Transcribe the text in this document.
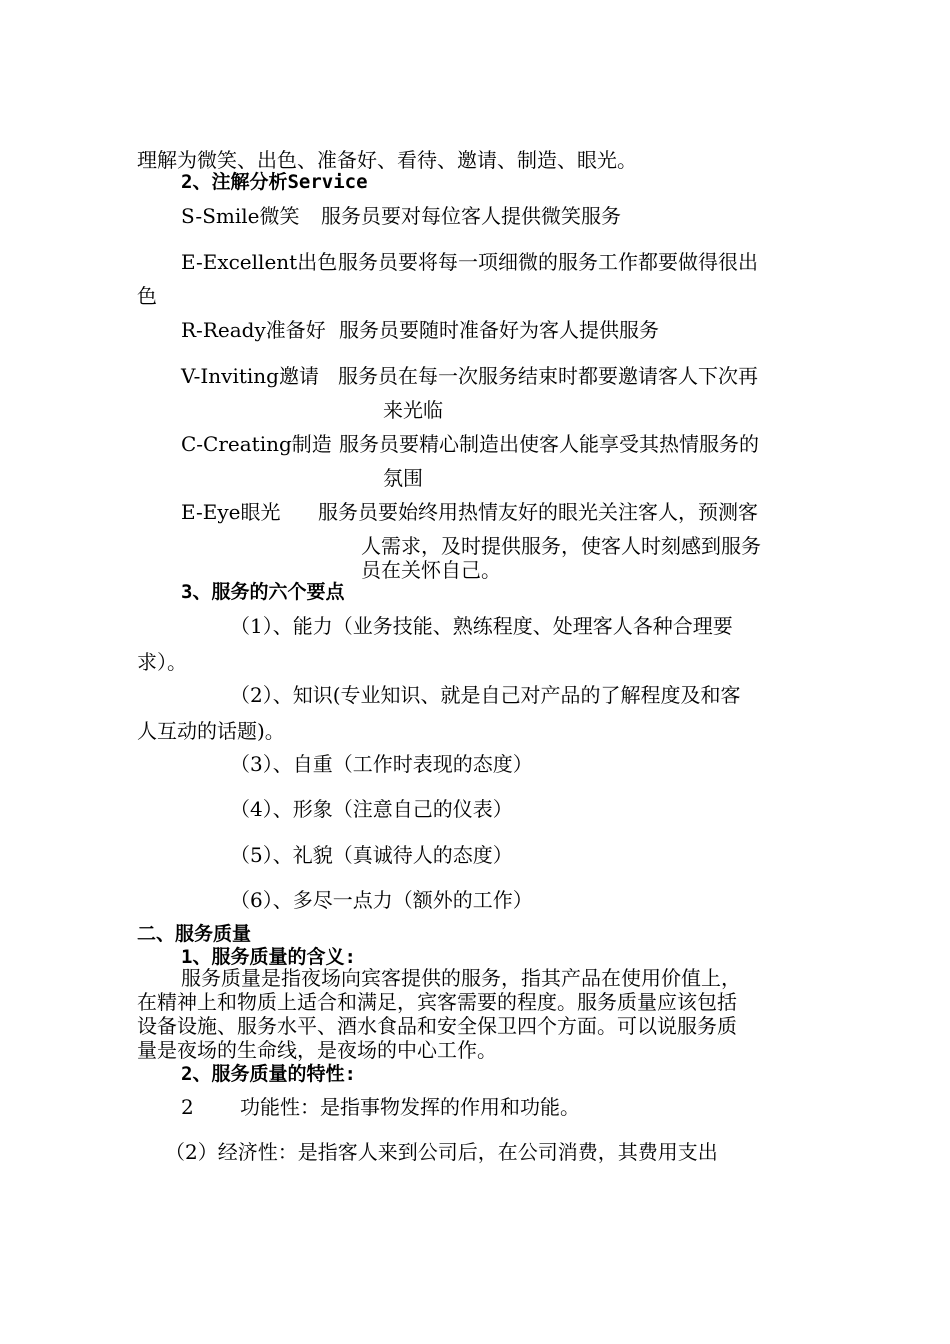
理解为微笑、出色、准备好、看待、邀请、制造、眼光。
2、注解分析Service
S-Smile微笑 服务员要对每位客人提供微笑服务
E-Excellent出色 服务员要将每一项细微的服务工作都要做得很出
色
R-Ready准备好 服务员要随时准备好为客人提供服务
V-Inviting邀请 服务员在每一次服务结束时都要邀请客人下次再
来光临
C-Creating制造 服务员要精心制造出使客人能享受其热情服务的
氛围
E-Eye眼光 服务员要始终用热情友好的眼光关注客人，预测客
人需求，及时提供服务，使客人时刻感到服务
员在关怀自己。
3、服务的六个要点
（1）、能力（业务技能、熟练程度、处理客人各种合理要
求）。
（2）、知识(专业知识、就是自己对产品的了解程度及和客
人互动的话题)。
（3）、自重（工作时表现的态度）
（4）、形象（注意自己的仪表）
（5）、礼貌（真诚待人的态度）
（6）、多尽一点力（额外的工作）
二、服务质量
1、服务质量的含义:
服务质量是指夜场向宾客提供的服务，指其产品在使用价值上，
在精神上和物质上适合和满足，宾客需要的程度。服务质量应该包括
设备设施、服务水平、酒水食品和安全保卫四个方面。可以说服务质
量是夜场的生命线，是夜场的中心工作。
2、服务质量的特性:
2 功能性：是指事物发挥的作用和功能。
（2）经济性：是指客人来到公司后，在公司消费，其费用支出
